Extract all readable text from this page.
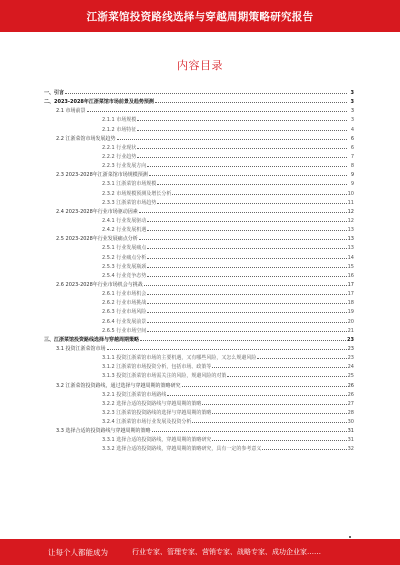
江浙菜馆投资路线选择与穿越周期策略研究报告
内容目录
一、引言	3
二、2023-2028年江浙菜馆市场前景及趋势预测	3
2.1 市场前景	3
2.1.1 市场规模	3
2.1.2 市场特征	4
2.2 江浙菜馆市场发展趋势	6
2.2.1 行业现状	6
2.2.2 行业趋势	7
2.2.3 行业发展方向	8
2.3 2023-2028年江浙菜馆市场规模预测	9
2.3.1 江浙菜馆市场规模	9
2.3.2 市场规模预测及增长分析	10
2.3.3 江浙菜馆市场趋势	11
2.4 2023-2028年行业市场驱动因素	12
2.4.1 行业发展驱动	12
2.4.2 行业发展机遇	13
2.5 2023-2028年行业发展痛点分析	13
2.5.1 行业发展痛点	13
2.5.2 行业痛点分析	14
2.5.3 行业发展瓶颈	15
2.5.4 行业竞争态势	16
2.6 2023-2028年行业市场机会与挑战	17
2.6.1 行业市场机会	17
2.6.2 行业市场挑战	18
2.6.3 行业市场风险	19
2.6.4 行业发展前景	20
2.6.5 行业市场空间	21
三、江浙菜馆投资路线选择与穿越周期策略	23
3.1 投资江浙菜馆市场	23
3.1.1 投资江浙菜馆市场的主要机遇，又有哪些风险，又怎么规避风险	23
3.1.2 江浙菜馆市场投资分析，包括市场、政策等	24
3.1.3 投资江浙菜馆市场需关注的风险，规避风险的对策	25
3.2 江浙菜馆投资路线，通过选择与穿越周期的策略研究	26
3.2.1 投资江浙菜馆市场路线	26
3.2.2 选择合适的投资路线与穿越周期的策略	27
3.2.3 江浙菜馆投资路线的选择与穿越周期的策略	28
3.2.4 江浙菜馆市场行业发展及投资分析	30
3.3 选择合适的投资路线与穿越周期的策略	31
3.3.1 选择合适的投资路线，穿越周期的策略研究	31
3.3.2 选择合适的投资路线，穿越周期的策略研究，具有一定的参考意义	32
让每个人都能成为	行业专家、管理专家、营销专家、战略专家、成功企业家……
